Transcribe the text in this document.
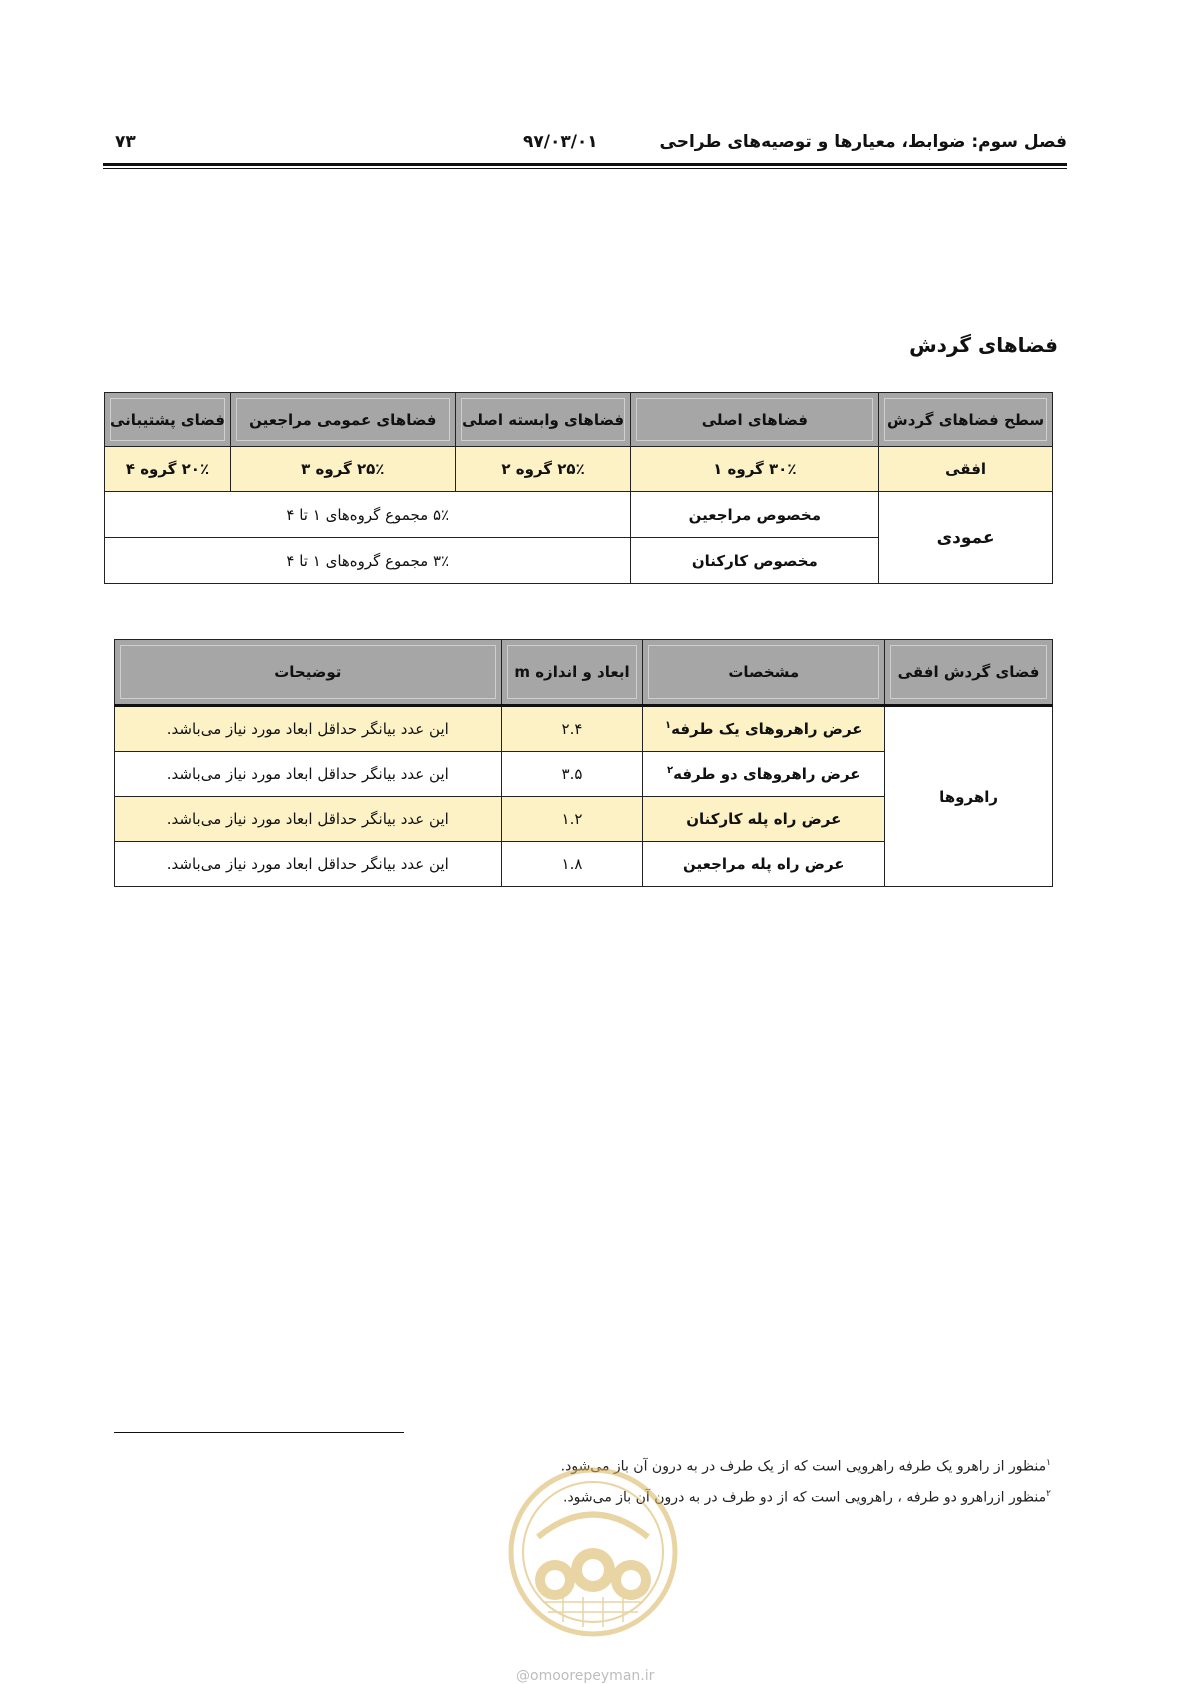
فصل سوم: ضوابط، معیارها و توصیه‌های طراحی
۹۷/۰۳/۰۱
۷۳
فضاهای گردش
سطح فضاهای گردش	فضاهای اصلی	فضاهای وابسته اصلی	فضاهای عمومی مراجعین	فضای پشتیبانی
افقی	۳۰٪ گروه ۱	۲۵٪ گروه ۲	۲۵٪ گروه ۳	۲۰٪ گروه ۴
عمودی	مخصوص مراجعین	۵٪ مجموع گروه‌های ۱ تا ۴		
	مخصوص کارکنان	۳٪ مجموع گروه‌های ۱ تا ۴		
فضای گردش افقی	مشخصات	ابعاد و اندازه m	توضیحات
راهروها	عرض راهروهای یک طرفه$^۱$	۲.۴	این عدد بیانگر حداقل ابعاد مورد نیاز می‌باشد.
	عرض راهروهای دو طرفه$^۲$	۳.۵	این عدد بیانگر حداقل ابعاد مورد نیاز می‌باشد.
	عرض راه پله کارکنان	۱.۲	این عدد بیانگر حداقل ابعاد مورد نیاز می‌باشد.
	عرض راه پله مراجعین	۱.۸	این عدد بیانگر حداقل ابعاد مورد نیاز می‌باشد.
$^۱$منظور از راهرو یک طرفه راهرویی است که از یک طرف در به درون آن باز می‌شود.
$^۲$منظور ازراهرو دو طرفه ، راهرویی است که از دو طرف در به درون آن باز می‌شود.
@omoorepeyman.ir
